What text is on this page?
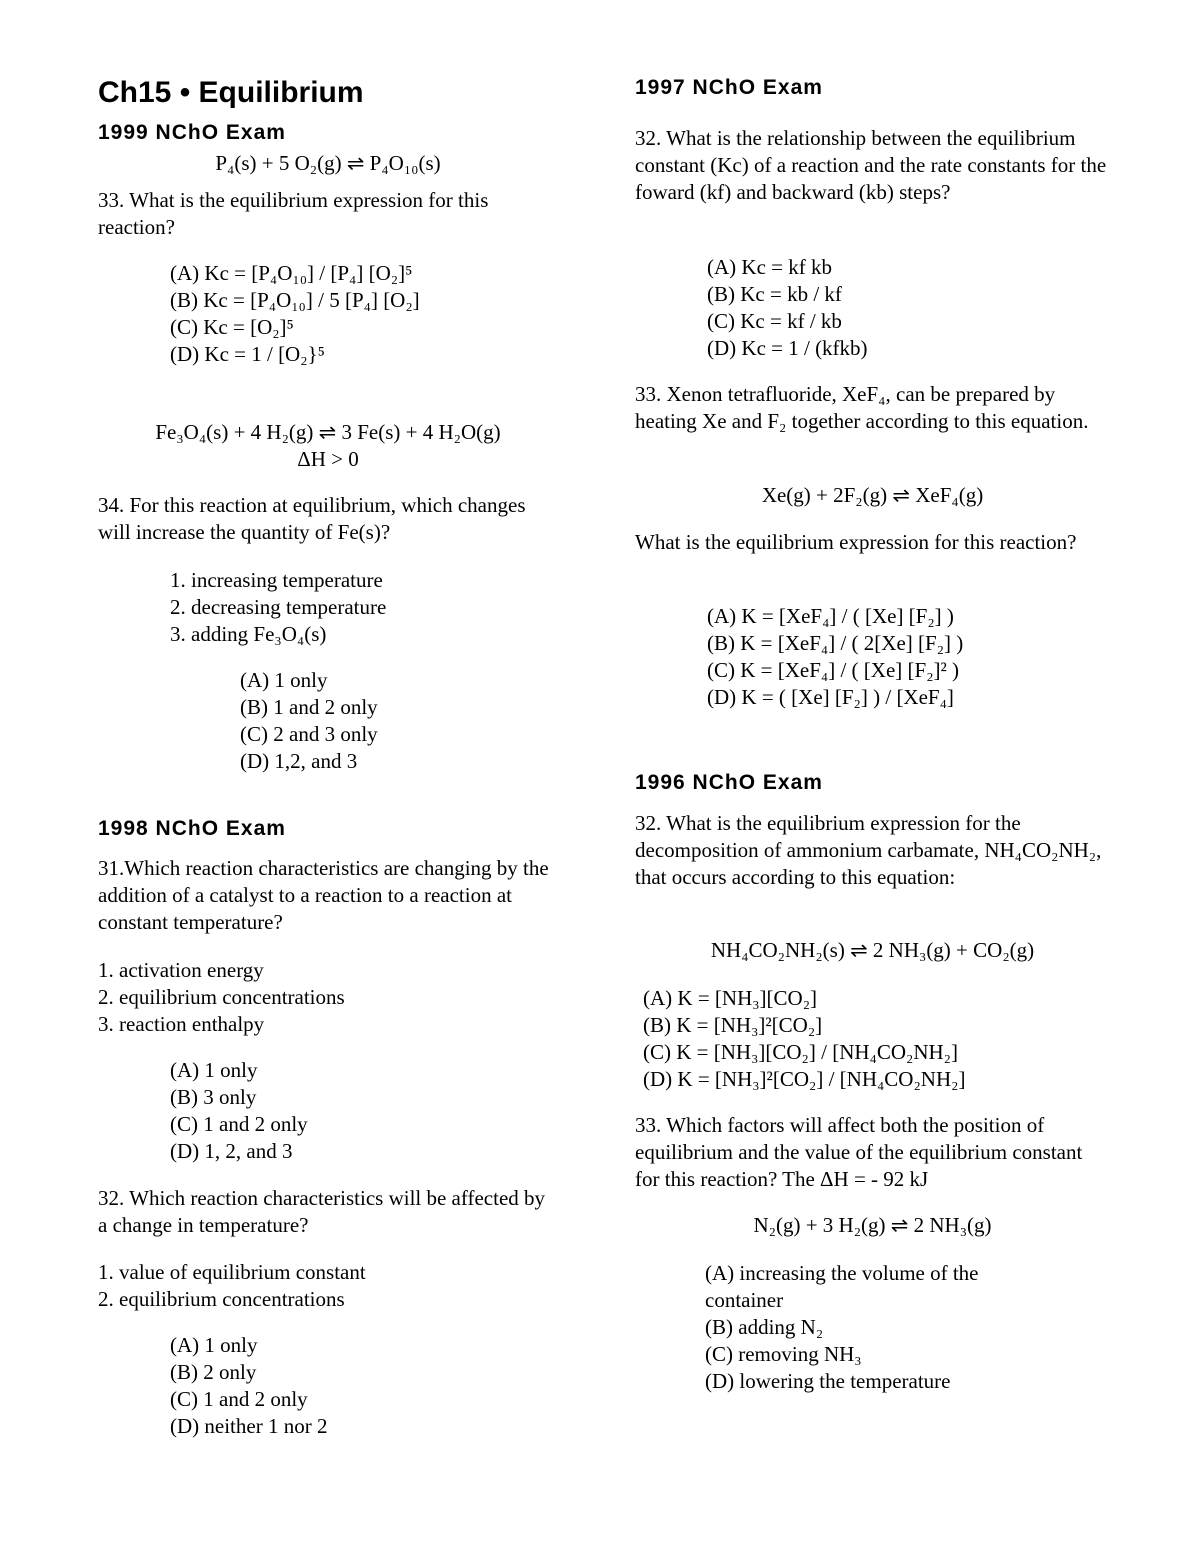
Ch15 • Equilibrium
1999 NChO Exam
P₄(s) + 5 O₂(g) ⇌ P₄O₁₀(s)
33. What is the equilibrium expression for this reaction?
(A) Kc = [P₄O₁₀] / [P₄] [O₂]⁵
(B) Kc = [P₄O₁₀] / 5 [P₄] [O₂]
(C) Kc = [O₂]⁵
(D) Kc = 1 / [O₂}⁵
Fe₃O₄(s) + 4 H₂(g) ⇌ 3 Fe(s) + 4 H₂O(g)
ΔH > 0
34. For this reaction at equilibrium, which changes will increase the quantity of Fe(s)?
1. increasing temperature
2. decreasing temperature
3. adding Fe₃O₄(s)
(A) 1 only
(B) 1 and 2 only
(C) 2 and 3 only
(D) 1,2, and 3
1998 NChO Exam
31.Which reaction characteristics are changing by the addition of a catalyst to a reaction to a reaction at constant temperature?
1. activation energy
2. equilibrium concentrations
3. reaction enthalpy
(A) 1 only
(B) 3 only
(C) 1 and 2 only
(D) 1, 2, and 3
32. Which reaction characteristics will be affected by a change in temperature?
1. value of equilibrium constant
2. equilibrium concentrations
(A) 1 only
(B) 2 only
(C) 1 and 2 only
(D) neither 1 nor 2
1997 NChO Exam
32. What is the relationship between the equilibrium constant (Kc) of a reaction and the rate constants for the foward (kf) and backward (kb) steps?
(A) Kc = kf kb
(B) Kc = kb / kf
(C) Kc = kf / kb
(D) Kc = 1 / (kfkb)
33. Xenon tetrafluoride, XeF₄, can be prepared by heating Xe and F₂ together according to this equation.
Xe(g) + 2F₂(g) ⇌ XeF₄(g)
What is the equilibrium expression for this reaction?
(A) K = [XeF₄] / ( [Xe] [F₂] )
(B) K = [XeF₄] / ( 2[Xe] [F₂] )
(C) K = [XeF₄] / ( [Xe] [F₂]² )
(D) K = ( [Xe] [F₂] ) / [XeF₄]
1996 NChO Exam
32. What is the equilibrium expression for the decomposition of ammonium carbamate, NH₄CO₂NH₂, that occurs according to this equation:
NH₄CO₂NH₂(s) ⇌ 2 NH₃(g) + CO₂(g)
(A) K = [NH₃][CO₂]
(B) K = [NH₃]²[CO₂]
(C) K = [NH₃][CO₂] / [NH₄CO₂NH₂]
(D) K = [NH₃]²[CO₂] / [NH₄CO₂NH₂]
33. Which factors will affect both the position of equilibrium and the value of the equilibrium constant for this reaction? The ΔH = - 92 kJ
N₂(g) + 3 H₂(g) ⇌ 2 NH₃(g)
(A) increasing the volume of the container
(B) adding N₂
(C) removing NH₃
(D) lowering the temperature
